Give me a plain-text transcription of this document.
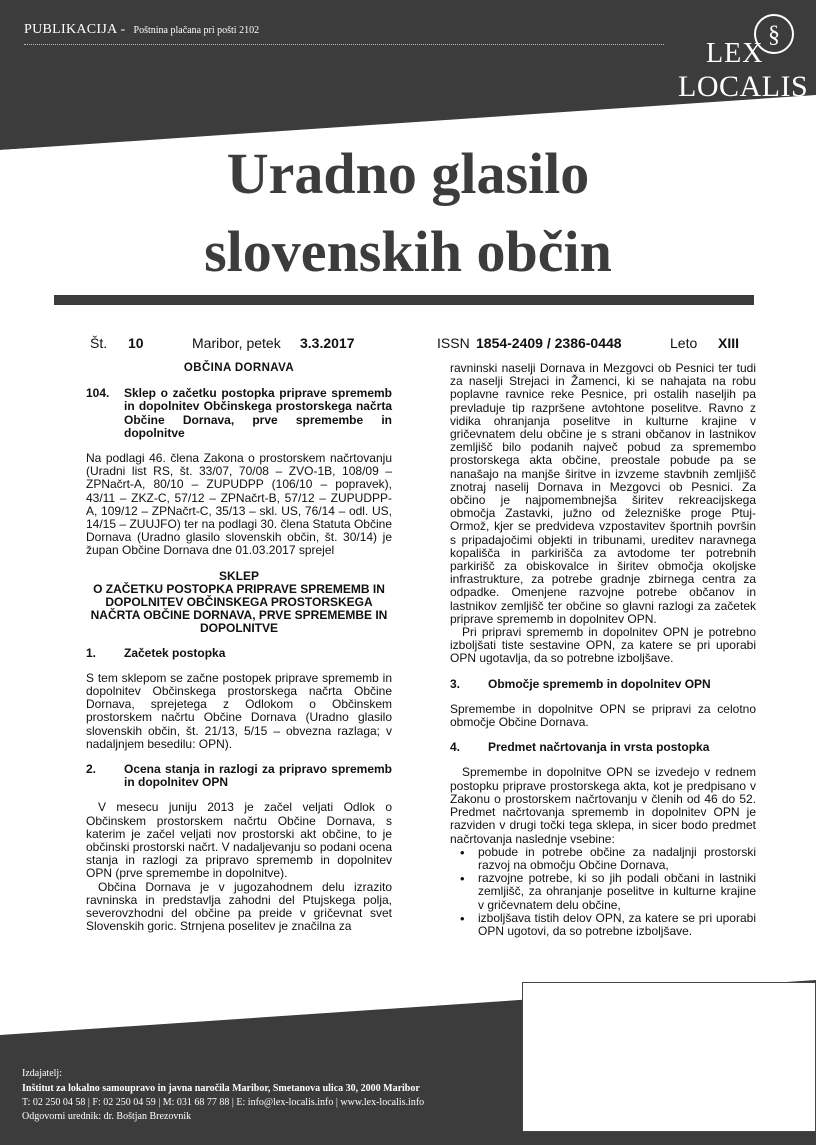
PUBLIKACIJA - Poštnina plačana pri pošti 2102	§
LEX
LOCALIS
Uradno glasilo
slovenskih občin
Št. 10	Maribor, petek 3.3.2017	ISSN 1854-2409 / 2386-0448	Leto XIII
OBČINA DORNAVA
104.	Sklep o začetku postopka priprave sprememb in dopolnitev Občinskega prostorskega načrta Občine Dornava, prve spremembe in dopolnitve

Na podlagi 46. člena Zakona o prostorskem načrtovanju (Uradni list RS, št. 33/07, 70/08 – ZVO-1B, 108/09 – ZPNačrt-A, 80/10 – ZUPUDPP (106/10 – popravek), 43/11 – ZKZ-C, 57/12 – ZPNačrt-B, 57/12 – ZUPUDPP-A, 109/12 – ZPNačrt-C, 35/13 – skl. US, 76/14 – odl. US, 14/15 – ZUUJFO) ter na podlagi 30. člena Statuta Občine Dornava (Uradno glasilo slovenskih občin, št. 30/14) je župan Občine Dornava dne 01.03.2017 sprejel

SKLEP
O ZAČETKU POSTOPKA PRIPRAVE SPREMEMB IN DOPOLNITEV OBČINSKEGA PROSTORSKEGA NAČRTA OBČINE DORNAVA, PRVE SPREMEMBE IN DOPOLNITVE
1.	Začetek postopka

S tem sklepom se začne postopek priprave sprememb in dopolnitev Občinskega prostorskega načrta Občine Dornava, sprejetega z Odlokom o Občinskem prostorskem načrtu Občine Dornava (Uradno glasilo slovenskih občin, št. 21/13, 5/15 – obvezna razlaga; v nadaljnjem besedilu: OPN).

2.	Ocena stanja in razlogi za pripravo sprememb in dopolnitev OPN

V mesecu juniju 2013 je začel veljati Odlok o Občinskem prostorskem načrtu Občine Dornava, s katerim je začel veljati nov prostorski akt občine, to je občinski prostorski načrt. V nadaljevanju so podani ocena stanja in razlogi za pripravo sprememb in dopolnitev OPN (prve spremembe in dopolnitve).

Občina Dornava je v jugozahodnem delu izrazito ravninska in predstavlja zahodni del Ptujskega polja, severovzhodni del občine pa preide v gričevnat svet Slovenskih goric. Strnjena poselitev je značilna za

ravninski naselji Dornava in Mezgovci ob Pesnici ter tudi za naselji Strejaci in Žamenci, ki se nahajata na robu poplavne ravnice reke Pesnice, pri ostalih naseljih pa prevladuje tip razpršene avtohtone poselitve. Ravno z vidika ohranjanja poselitve in kulturne krajine v gričevnatem delu občine je s strani občanov in lastnikov zemljišč bilo podanih največ pobud za spremembo prostorskega akta občine, preostale pobude pa se nanašajo na manjše širitve in izvzeme stavbnih zemljišč znotraj naselij Dornava in Mezgovci ob Pesnici. Za občino je najpomembnejša širitev rekreacijskega območja Zastavki, južno od železniške proge Ptuj-Ormož, kjer se predvideva vzpostavitev športnih površin s pripadajočimi objekti in tribunami, ureditev naravnega kopališča in parkirišča za avtodome ter potrebnih parkirišč za obiskovalce in širitev območja okoljske infrastrukture, za potrebe gradnje zbirnega centra za odpadke. Omenjene razvojne potrebe občanov in lastnikov zemljišč ter občine so glavni razlogi za začetek priprave sprememb in dopolnitev OPN.

Pri pripravi sprememb in dopolnitev OPN je potrebno izboljšati tiste sestavine OPN, za katere se pri uporabi OPN ugotavlja, da so potrebne izboljšave.

3.	Območje sprememb in dopolnitev OPN

Spremembe in dopolnitve OPN se pripravi za celotno območje Občine Dornava.

4.	Predmet načrtovanja in vrsta postopka

Spremembe in dopolnitve OPN se izvedejo v rednem postopku priprave prostorskega akta, kot je predpisano v Zakonu o prostorskem načrtovanju v členih od 46 do 52. Predmet načrtovanja sprememb in dopolnitev OPN je razviden v drugi točki tega sklepa, in sicer bodo predmet načrtovanja naslednje vsebine:

• pobude in potrebe občine za nadaljnji prostorski razvoj na območju Občine Dornava,
• razvojne potrebe, ki so jih podali občani in lastniki zemljišč, za ohranjanje poselitve in kulturne krajine v gričevnatem delu občine,
• izboljšava tistih delov OPN, za katere se pri uporabi OPN ugotovi, da so potrebne izboljšave.
Izdajatelj:
Inštitut za lokalno samoupravo in javna naročila Maribor, Smetanova ulica 30, 2000 Maribor
T: 02 250 04 58 | F: 02 250 04 59 | M: 031 68 77 88 | E: info@lex-localis.info | www.lex-localis.info
Odgovorni urednik: dr. Boštjan Brezovnik
